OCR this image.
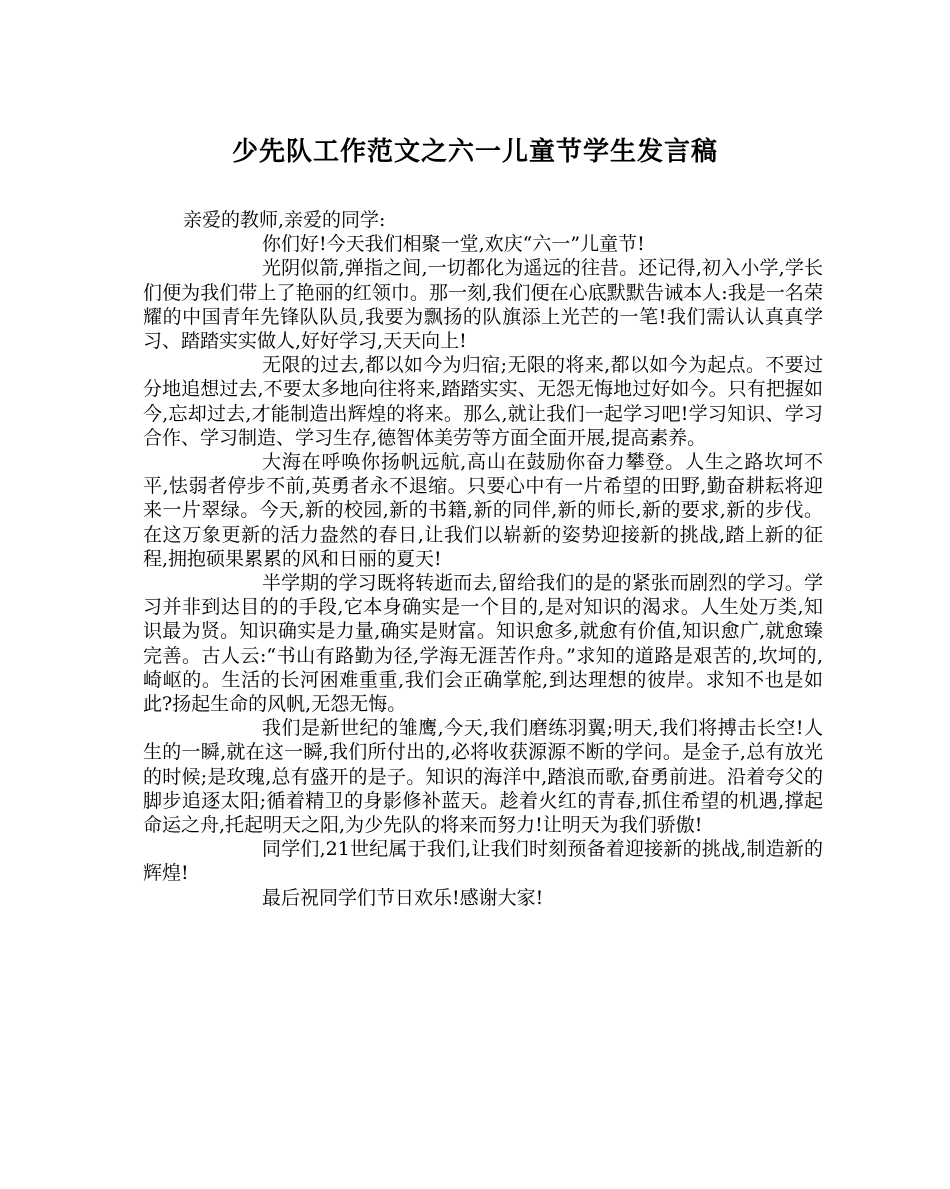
少先队工作范文之六一儿童节学生发言稿

亲爱的教师,亲爱的同学:

你们好!今天我们相聚一堂,欢庆“六一”儿童节!

光阴似箭,弹指之间,一切都化为遥远的往昔。还记得,初入小学,学长们便为我们带上了艳丽的红领巾。那一刻,我们便在心底默默告诫本人:我是一名荣耀的中国青年先锋队队员,我要为飘扬的队旗添上光芒的一笔!我们需认认真真学习、踏踏实实做人,好好学习,天天向上!

无限的过去,都以如今为归宿;无限的将来,都以如今为起点。不要过分地追想过去,不要太多地向往将来,踏踏实实、无怨无悔地过好如今。只有把握如今,忘却过去,才能制造出辉煌的将来。那么,就让我们一起学习吧!学习知识、学习合作、学习制造、学习生存,德智体美劳等方面全面开展,提高素养。

大海在呼唤你扬帆远航,高山在鼓励你奋力攀登。人生之路坎坷不平,怯弱者停步不前,英勇者永不退缩。只要心中有一片希望的田野,勤奋耕耘将迎来一片翠绿。今天,新的校园,新的书籍,新的同伴,新的师长,新的要求,新的步伐。在这万象更新的活力盎然的春日,让我们以崭新的姿势迎接新的挑战,踏上新的征程,拥抱硕果累累的风和日丽的夏天!

半学期的学习既将转逝而去,留给我们的是的紧张而剧烈的学习。学习并非到达目的的手段,它本身确实是一个目的,是对知识的渴求。人生处万类,知识最为贤。知识确实是力量,确实是财富。知识愈多,就愈有价值,知识愈广,就愈臻完善。古人云:“书山有路勤为径,学海无涯苦作舟。”求知的道路是艰苦的,坎坷的,崎岖的。生活的长河困难重重,我们会正确掌舵,到达理想的彼岸。求知不也是如此?扬起生命的风帆,无怨无悔。

我们是新世纪的雏鹰,今天,我们磨练羽翼;明天,我们将搏击长空!人生的一瞬,就在这一瞬,我们所付出的,必将收获源源不断的学问。是金子,总有放光的时候;是玫瑰,总有盛开的是子。知识的海洋中,踏浪而歌,奋勇前进。沿着夸父的脚步追逐太阳;循着精卫的身影修补蓝天。趁着火红的青春,抓住希望的机遇,撑起命运之舟,托起明天之阳,为少先队的将来而努力!让明天为我们骄傲!

同学们,21世纪属于我们,让我们时刻预备着迎接新的挑战,制造新的辉煌!

最后祝同学们节日欢乐!感谢大家!
